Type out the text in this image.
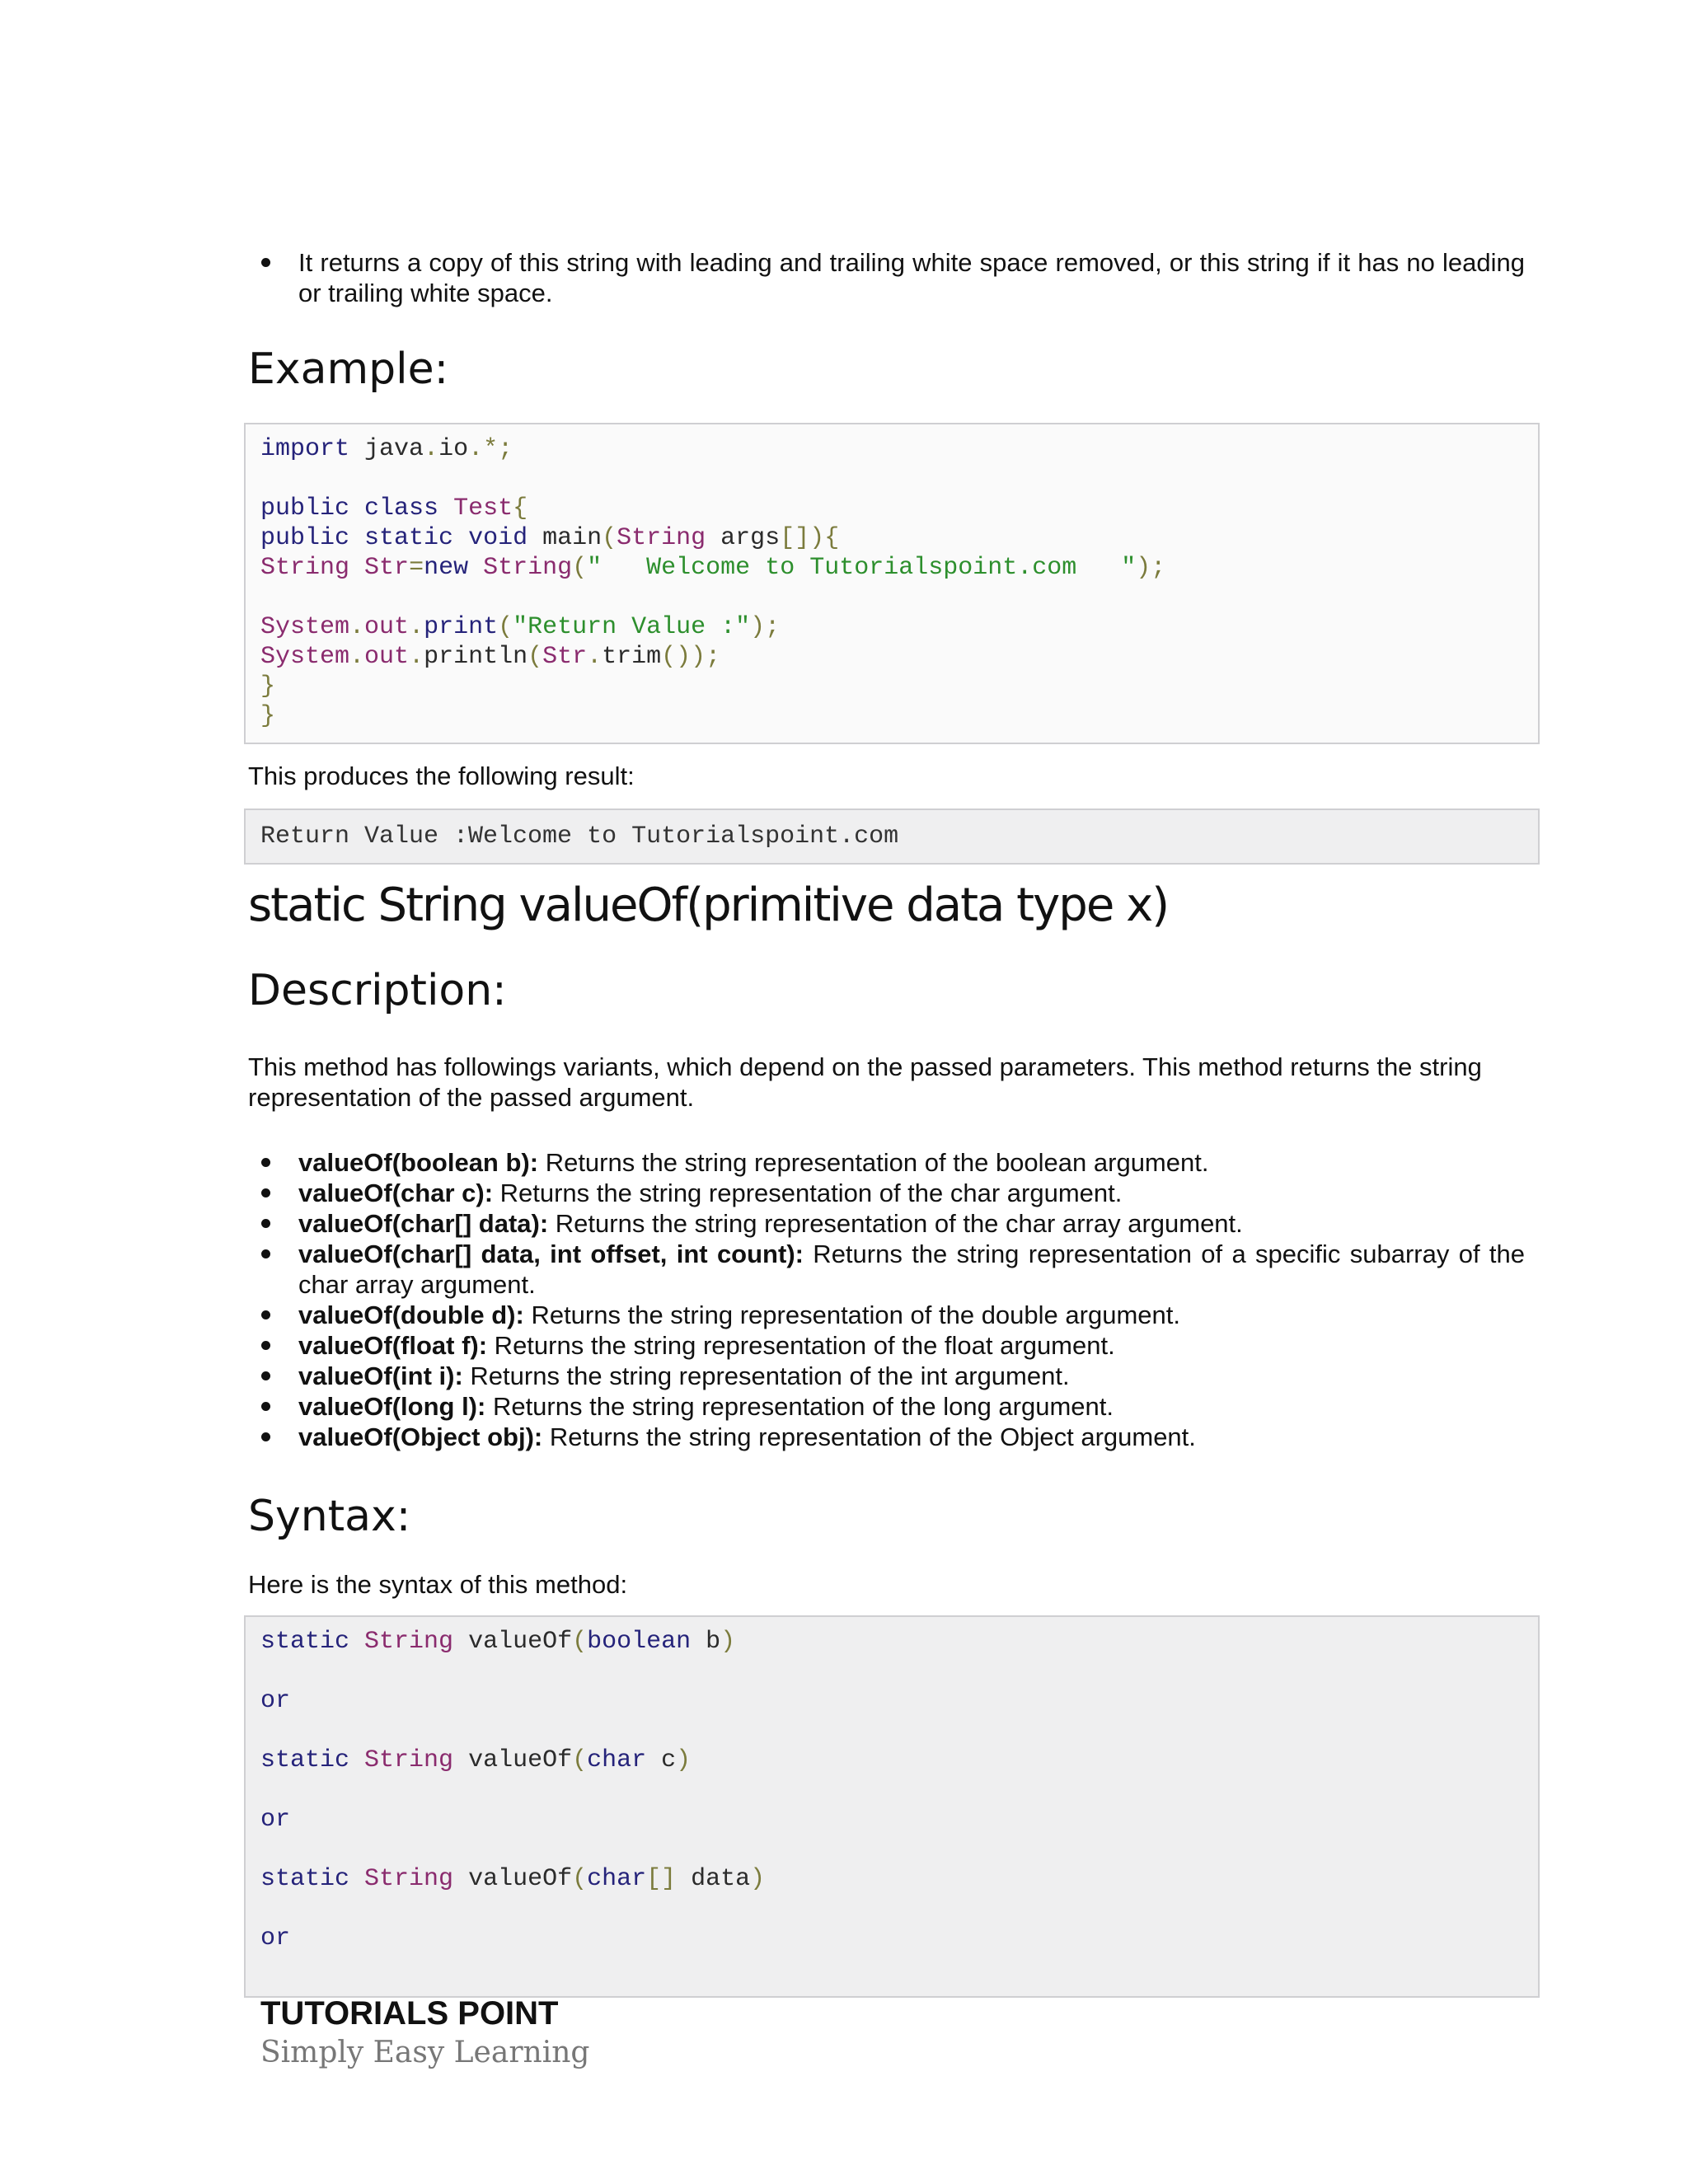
It returns a copy of this string with leading and trailing white space removed, or this string if it has no leading or trailing white space.
Example:
import java.io.*;
public class Test{
public static void main(String args[]){
String Str=new String("   Welcome to Tutorialspoint.com   ");
System.out.print("Return Value :");
System.out.println(Str.trim());
}
}

This produces the following result:

Return Value :Welcome to Tutorialspoint.com
static String valueOf(primitive data type x)
Description:

This method has followings variants, which depend on the passed parameters. This method returns the string representation of the passed argument.

valueOf(boolean b): Returns the string representation of the boolean argument.
valueOf(char c): Returns the string representation of the char argument.
valueOf(char[] data): Returns the string representation of the char array argument.
valueOf(char[] data, int offset, int count): Returns the string representation of a specific subarray of the char array argument.
valueOf(double d): Returns the string representation of the double argument.
valueOf(float f): Returns the string representation of the float argument.
valueOf(int i): Returns the string representation of the int argument.
valueOf(long l): Returns the string representation of the long argument.
valueOf(Object obj): Returns the string representation of the Object argument.
Syntax:

Here is the syntax of this method:

static String valueOf(boolean b)
or
static String valueOf(char c)
or
static String valueOf(char[] data)
or

TUTORIALS POINT

Simply Easy Learning
